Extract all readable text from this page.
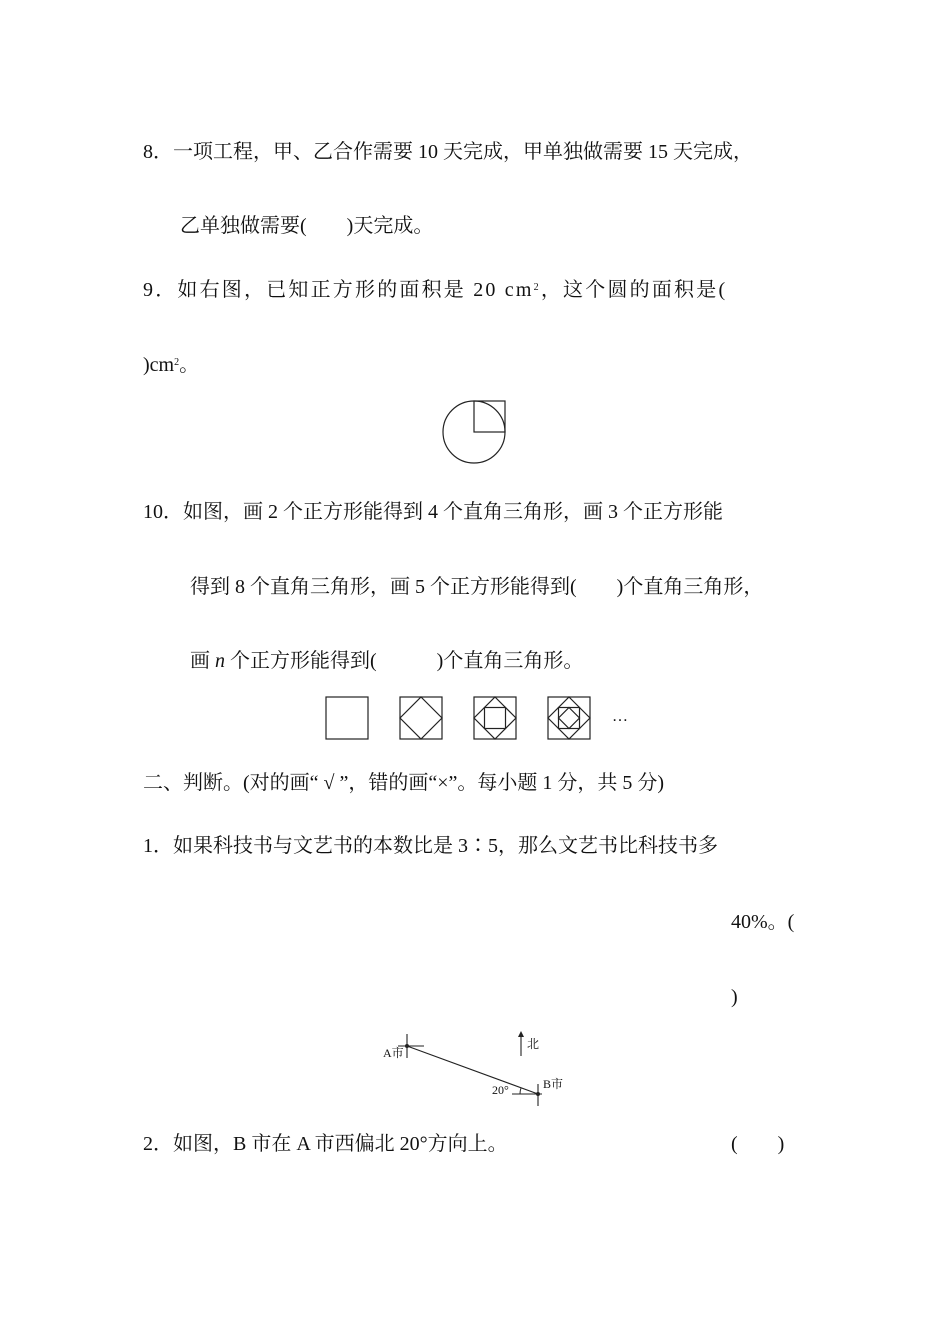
8．一项工程，甲、乙合作需要 10 天完成，甲单独做需要 15 天完成，
乙单独做需要(　　)天完成。
9．如右图，已知正方形的面积是 20 $cm^2$，这个圆的面积是(
)$cm^2$。
10．如图，画 2 个正方形能得到 4 个直角三角形，画 3 个正方形能
得到 8 个直角三角形，画 5 个正方形能得到(　　)个直角三角形，
画 n 个正方形能得到(　　　)个直角三角形。
…
二、判断。(对的画“ √ ”，错的画“×”。每小题 1 分，共 5 分)
1．如果科技书与文艺书的本数比是 3∶5，那么文艺书比科技书多
40%。(
)
A市
B市
北
20°
2．如图，B 市在 A 市西偏北 20°方向上。	(　　)
